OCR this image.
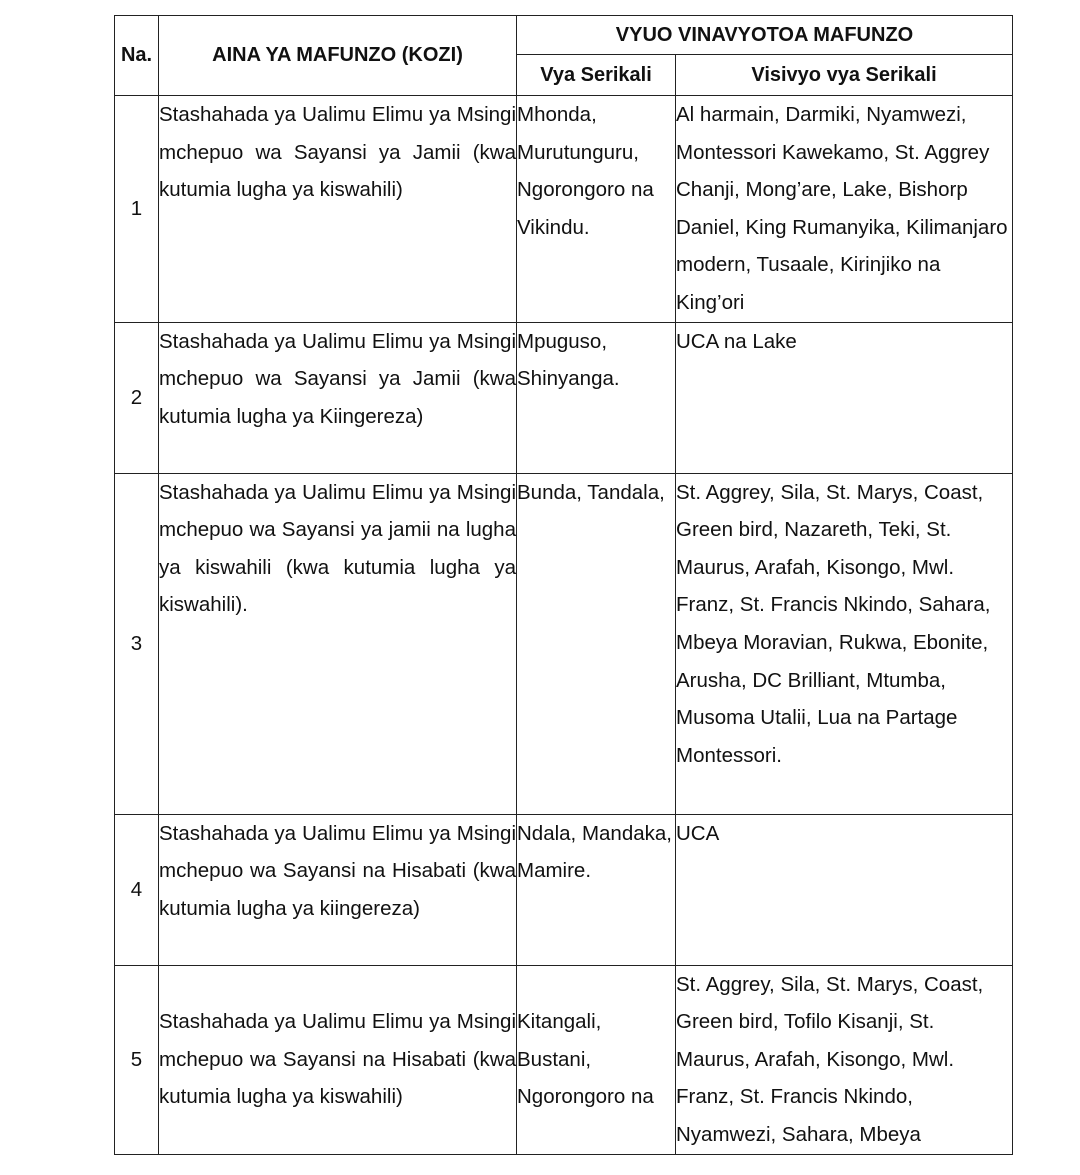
Na.	AINA YA MAFUNZO (KOZI)	VYUO VINAVYOTOA MAFUNZO	
		Vya Serikali	Visivyo vya Serikali
1	Stashahada ya Ualimu Elimu ya Msingi mchepuo wa Sayansi ya Jamii (kwa kutumia lugha ya kiswahili)	Mhonda, Murutunguru, Ngorongoro na Vikindu.	Al harmain, Darmiki, Nyamwezi, Montessori Kawekamo, St. Aggrey Chanji, Mong’are, Lake, Bishorp Daniel, King Rumanyika, Kilimanjaro modern, Tusaale, Kirinjiko na King’ori
2	Stashahada ya Ualimu Elimu ya Msingi mchepuo wa Sayansi ya Jamii (kwa kutumia lugha ya Kiingereza)	Mpuguso, Shinyanga.	UCA na Lake
3	Stashahada ya Ualimu Elimu ya Msingi mchepuo wa Sayansi ya jamii na lugha ya kiswahili (kwa kutumia lugha ya kiswahili).	Bunda, Tandala,	St. Aggrey, Sila, St. Marys, Coast, Green bird, Nazareth, Teki, St. Maurus, Arafah, Kisongo, Mwl. Franz, St. Francis Nkindo, Sahara, Mbeya Moravian, Rukwa, Ebonite, Arusha, DC Brilliant, Mtumba, Musoma Utalii, Lua na Partage Montessori.
4	Stashahada ya Ualimu Elimu ya Msingi mchepuo wa Sayansi na Hisabati (kwa kutumia lugha ya kiingereza)	Ndala, Mandaka, Mamire.	UCA
5	Stashahada ya Ualimu Elimu ya Msingi mchepuo wa Sayansi na Hisabati (kwa kutumia lugha ya kiswahili)	Kitangali, Bustani, Ngorongoro na	St. Aggrey, Sila, St. Marys, Coast, Green bird, Tofilo Kisanji, St. Maurus, Arafah, Kisongo, Mwl. Franz, St. Francis Nkindo, Nyamwezi, Sahara, Mbeya
